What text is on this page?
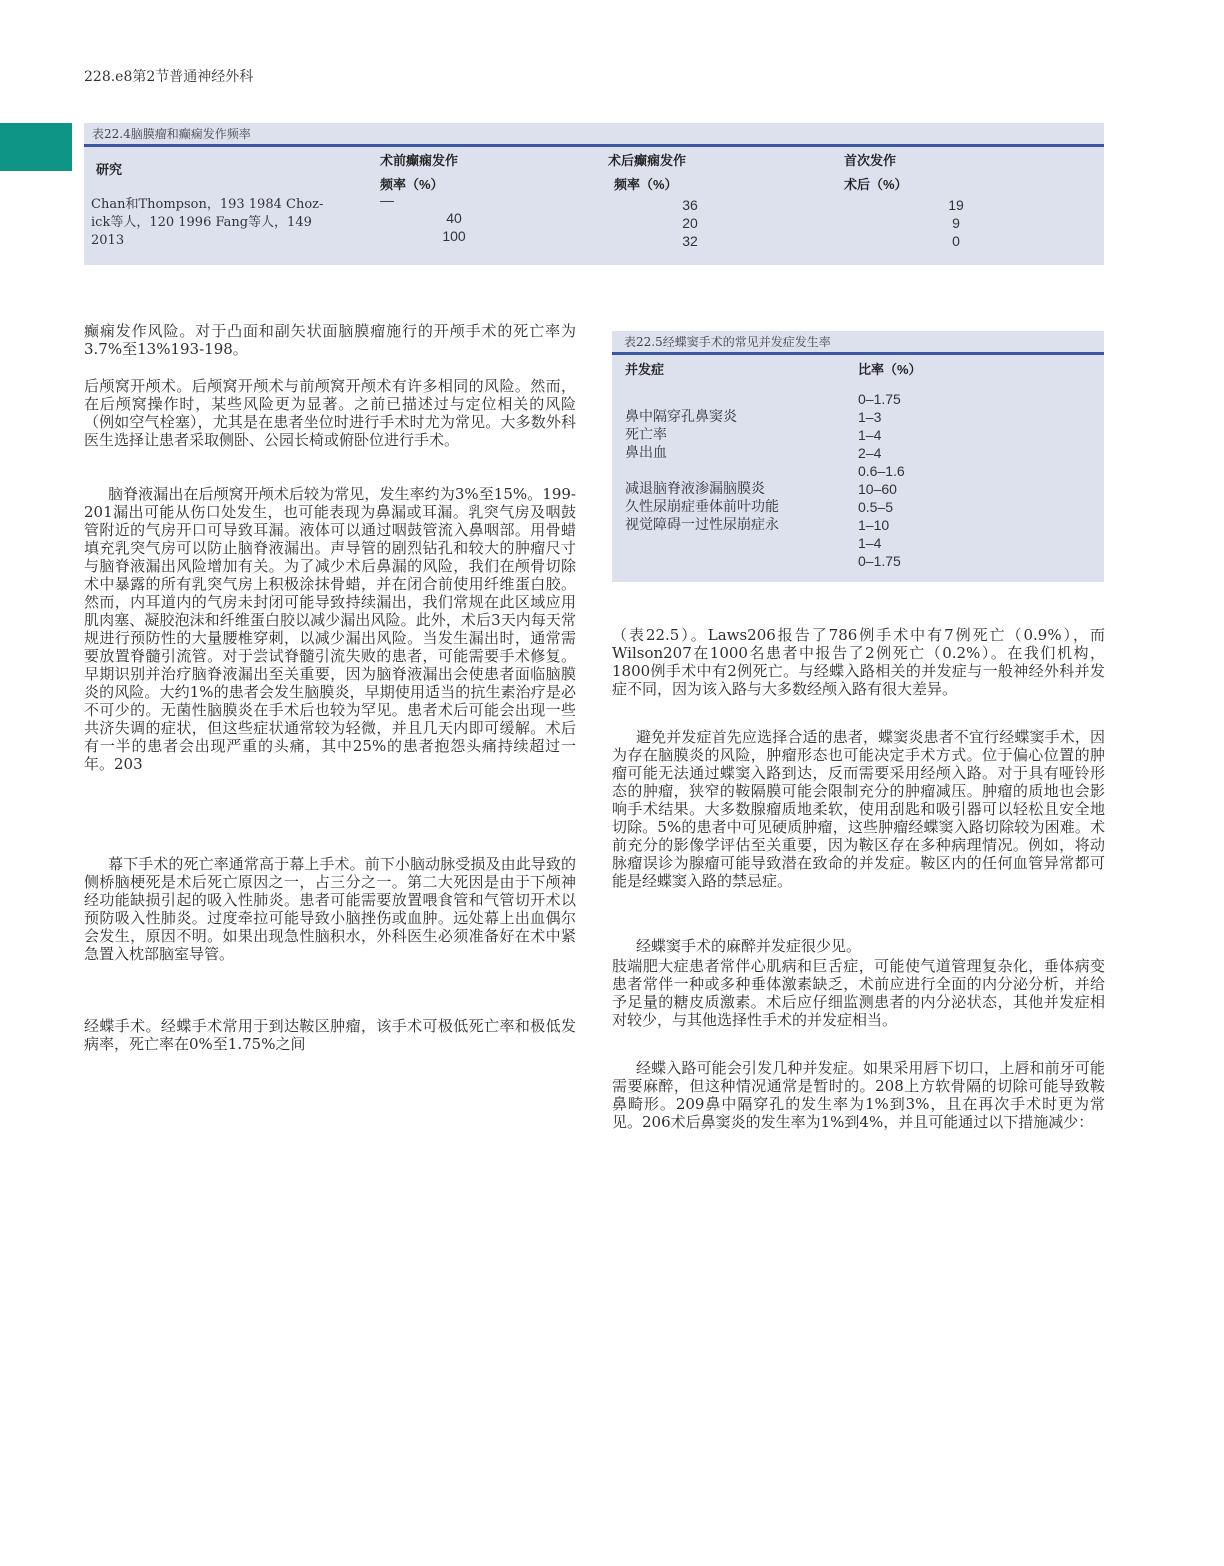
228.e8第2节普通神经外科
表22.4脑膜瘤和癫痫发作频率
研究
术前癫痫发作
频率（%）
术后癫痫发作
频率（%）
首次发作
术后（%）
Chan和Thompson，193 1984 Choz-
ick等人，120 1996 Fang等人，149
2013
—
40
100
36
20
32
19
9
0
表22.5经蝶窦手术的常见并发症发生率
并发症	比率（%）
鼻中隔穿孔鼻窦炎
死亡率
鼻出血
减退脑脊液渗漏脑膜炎
久性尿崩症垂体前叶功能
视觉障碍一过性尿崩症永
0–1.75
1–3
1–4
2–4
0.6–1.6
10–60
0.5–5
1–10
1–4
0–1.75

癫痫发作风险。对于凸面和副矢状面脑膜瘤施行的开颅手术的死亡率为3.7%至13%193-198。

后颅窝开颅术。后颅窝开颅术与前颅窝开颅术有许多相同的风险。然而，在后颅窝操作时，某些风险更为显著。之前已描述过与定位相关的风险（例如空气栓塞），尤其是在患者坐位时进行手术时尤为常见。大多数外科医生选择让患者采取侧卧、公园长椅或俯卧位进行手术。

脑脊液漏出在后颅窝开颅术后较为常见，发生率约为3%至15%。199-201漏出可能从伤口处发生，也可能表现为鼻漏或耳漏。乳突气房及咽鼓管附近的气房开口可导致耳漏。液体可以通过咽鼓管流入鼻咽部。用骨蜡填充乳突气房可以防止脑脊液漏出。声导管的剧烈钻孔和较大的肿瘤尺寸与脑脊液漏出风险增加有关。为了减少术后鼻漏的风险，我们在颅骨切除术中暴露的所有乳突气房上积极涂抹骨蜡，并在闭合前使用纤维蛋白胶。然而，内耳道内的气房未封闭可能导致持续漏出，我们常规在此区域应用肌肉塞、凝胶泡沫和纤维蛋白胶以减少漏出风险。此外，术后3天内每天常规进行预防性的大量腰椎穿刺，以减少漏出风险。当发生漏出时，通常需要放置脊髓引流管。对于尝试脊髓引流失败的患者，可能需要手术修复。早期识别并治疗脑脊液漏出至关重要，因为脑脊液漏出会使患者面临脑膜炎的风险。大约1%的患者会发生脑膜炎，早期使用适当的抗生素治疗是必不可少的。无菌性脑膜炎在手术后也较为罕见。患者术后可能会出现一些共济失调的症状，但这些症状通常较为轻微，并且几天内即可缓解。术后有一半的患者会出现严重的头痛，其中25%的患者抱怨头痛持续超过一年。203

幕下手术的死亡率通常高于幕上手术。前下小脑动脉受损及由此导致的侧桥脑梗死是术后死亡原因之一，占三分之一。第二大死因是由于下颅神经功能缺损引起的吸入性肺炎。患者可能需要放置喂食管和气管切开术以预防吸入性肺炎。过度牵拉可能导致小脑挫伤或血肿。远处幕上出血偶尔会发生，原因不明。如果出现急性脑积水，外科医生必须准备好在术中紧急置入枕部脑室导管。

经蝶手术。经蝶手术常用于到达鞍区肿瘤，该手术可极低死亡率和极低发病率，死亡率在0%至1.75%之间

（表22.5）。Laws206报告了786例手术中有7例死亡（0.9%），而Wilson207在1000名患者中报告了2例死亡（0.2%）。在我们机构，1800例手术中有2例死亡。与经蝶入路相关的并发症与一般神经外科并发症不同，因为该入路与大多数经颅入路有很大差异。

避免并发症首先应选择合适的患者，蝶窦炎患者不宜行经蝶窦手术，因为存在脑膜炎的风险，肿瘤形态也可能决定手术方式。位于偏心位置的肿瘤可能无法通过蝶窦入路到达，反而需要采用经颅入路。对于具有哑铃形态的肿瘤，狭窄的鞍隔膜可能会限制充分的肿瘤减压。肿瘤的质地也会影响手术结果。大多数腺瘤质地柔软，使用刮匙和吸引器可以轻松且安全地切除。5%的患者中可见硬质肿瘤，这些肿瘤经蝶窦入路切除较为困难。术前充分的影像学评估至关重要，因为鞍区存在多种病理情况。例如，将动脉瘤误诊为腺瘤可能导致潜在致命的并发症。鞍区内的任何血管异常都可能是经蝶窦入路的禁忌症。

经蝶窦手术的麻醉并发症很少见。

肢端肥大症患者常伴心肌病和巨舌症，可能使气道管理复杂化，垂体病变患者常伴一种或多种垂体激素缺乏，术前应进行全面的内分泌分析，并给予足量的糖皮质激素。术后应仔细监测患者的内分泌状态，其他并发症相对较少，与其他选择性手术的并发症相当。

经蝶入路可能会引发几种并发症。如果采用唇下切口，上唇和前牙可能需要麻醉，但这种情况通常是暂时的。208上方软骨隔的切除可能导致鞍鼻畸形。209鼻中隔穿孔的发生率为1%到3%，且在再次手术时更为常见。206术后鼻窦炎的发生率为1%到4%，并且可能通过以下措施减少：
